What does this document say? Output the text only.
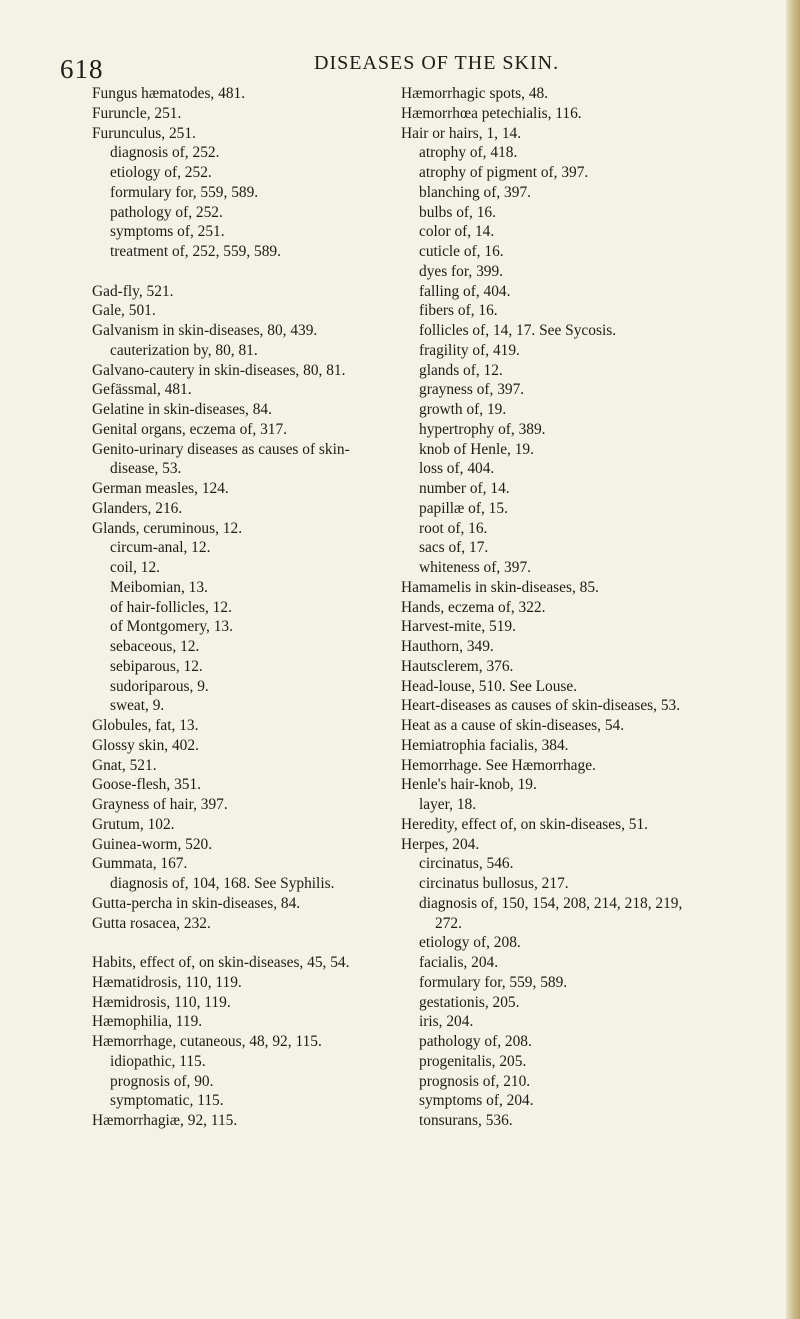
618	DISEASES OF THE SKIN.
Fungus hæmatodes, 481.
Furuncle, 251.
Furunculus, 251.
diagnosis of, 252.
etiology of, 252.
formulary for, 559, 589.
pathology of, 252.
symptoms of, 251.
treatment of, 252, 559, 589.
Gad-fly, 521.
Gale, 501.
Galvanism in skin-diseases, 80, 439.
cauterization by, 80, 81.
Galvano-cautery in skin-diseases, 80, 81.
Gefässmal, 481.
Gelatine in skin-diseases, 84.
Genital organs, eczema of, 317.
Genito-urinary diseases as causes of skin-
disease, 53.
German measles, 124.
Glanders, 216.
Glands, ceruminous, 12.
circum-anal, 12.
coil, 12.
Meibomian, 13.
of hair-follicles, 12.
of Montgomery, 13.
sebaceous, 12.
sebiparous, 12.
sudoriparous, 9.
sweat, 9.
Globules, fat, 13.
Glossy skin, 402.
Gnat, 521.
Goose-flesh, 351.
Grayness of hair, 397.
Grutum, 102.
Guinea-worm, 520.
Gummata, 167.
diagnosis of, 104, 168. See Syphilis.
Gutta-percha in skin-diseases, 84.
Gutta rosacea, 232.
Habits, effect of, on skin-diseases, 45, 54.
Hæmatidrosis, 110, 119.
Hæmidrosis, 110, 119.
Hæmophilia, 119.
Hæmorrhage, cutaneous, 48, 92, 115.
idiopathic, 115.
prognosis of, 90.
symptomatic, 115.
Hæmorrhagiæ, 92, 115.
Hæmorrhagic spots, 48.
Hæmorrhœa petechialis, 116.
Hair or hairs, 1, 14.
atrophy of, 418.
atrophy of pigment of, 397.
blanching of, 397.
bulbs of, 16.
color of, 14.
cuticle of, 16.
dyes for, 399.
falling of, 404.
fibers of, 16.
follicles of, 14, 17. See Sycosis.
fragility of, 419.
glands of, 12.
grayness of, 397.
growth of, 19.
hypertrophy of, 389.
knob of Henle, 19.
loss of, 404.
number of, 14.
papillæ of, 15.
root of, 16.
sacs of, 17.
whiteness of, 397.
Hamamelis in skin-diseases, 85.
Hands, eczema of, 322.
Harvest-mite, 519.
Hauthorn, 349.
Hautsclerem, 376.
Head-louse, 510. See Louse.
Heart-diseases as causes of skin-diseases, 53.
Heat as a cause of skin-diseases, 54.
Hemiatrophia facialis, 384.
Hemorrhage. See Hæmorrhage.
Henle's hair-knob, 19.
layer, 18.
Heredity, effect of, on skin-diseases, 51.
Herpes, 204.
circinatus, 546.
circinatus bullosus, 217.
diagnosis of, 150, 154, 208, 214, 218, 219,
272.
etiology of, 208.
facialis, 204.
formulary for, 559, 589.
gestationis, 205.
iris, 204.
pathology of, 208.
progenitalis, 205.
prognosis of, 210.
symptoms of, 204.
tonsurans, 536.
